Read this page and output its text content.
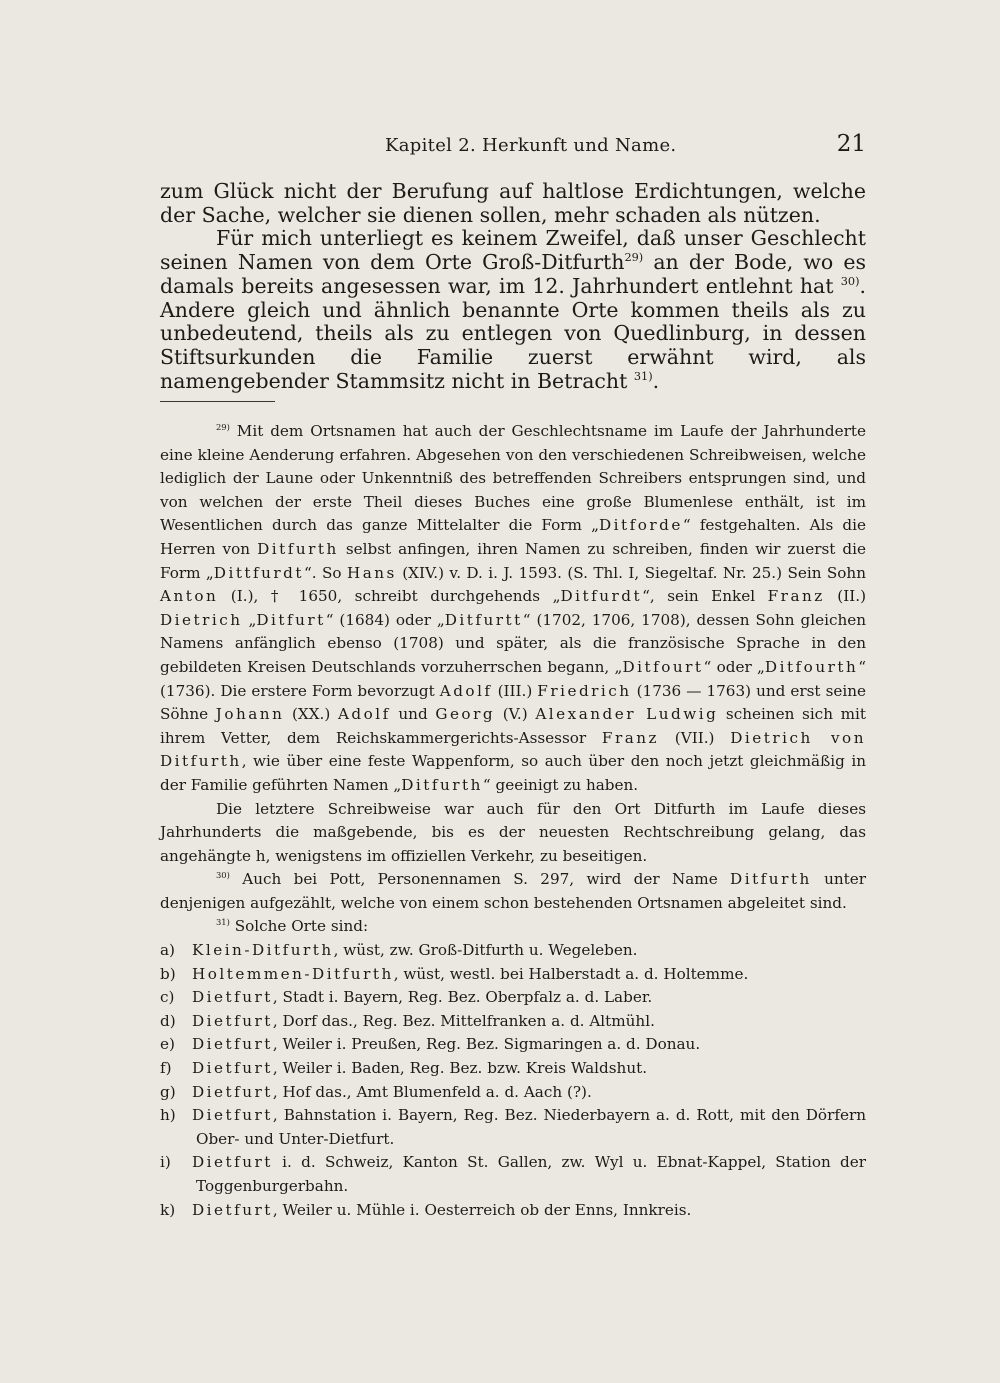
Kapitel 2. Herkunft und Name.	21

zum Glück nicht der Berufung auf haltlose Erdichtungen, welche der Sache, welcher sie dienen sollen, mehr schaden als nützen.

Für mich unterliegt es keinem Zweifel, daß unser Geschlecht seinen Namen von dem Orte Groß-Ditfurth$^{29)}$ an der Bode, wo es damals bereits angesessen war, im 12. Jahrhundert entlehnt hat $^{30)}$. Andere gleich und ähnlich benannte Orte kommen theils als zu unbedeutend, theils als zu entlegen von Quedlinburg, in dessen Stiftsurkunden die Familie zuerst erwähnt wird, als namengebender Stammsitz nicht in Betracht $^{31)}$.

$^{29)}$ Mit dem Ortsnamen hat auch der Geschlechtsname im Laufe der Jahrhunderte eine kleine Aenderung erfahren. Abgesehen von den verschiedenen Schreibweisen, welche lediglich der Laune oder Unkenntniß des betreffenden Schreibers entsprungen sind, und von welchen der erste Theil dieses Buches eine große Blumenlese enthält, ist im Wesentlichen durch das ganze Mittelalter die Form „Ditforde“ festgehalten. Als die Herren von Ditfurth selbst anfingen, ihren Namen zu schreiben, finden wir zuerst die Form „Dittfurdt“. So Hans (XIV.) v. D. i. J. 1593. (S. Thl. I, Siegeltaf. Nr. 25.) Sein Sohn Anton (I.), † 1650, schreibt durchgehends „Ditfurdt“, sein Enkel Franz (II.) Dietrich „Ditfurt“ (1684) oder „Ditfurtt“ (1702, 1706, 1708), dessen Sohn gleichen Namens anfänglich ebenso (1708) und später, als die französische Sprache in den gebildeten Kreisen Deutschlands vorzuherrschen begann, „Ditfourt“ oder „Ditfourth“ (1736). Die erstere Form bevorzugt Adolf (III.) Friedrich (1736 — 1763) und erst seine Söhne Johann (XX.) Adolf und Georg (V.) Alexander Ludwig scheinen sich mit ihrem Vetter, dem Reichskammergerichts-Assessor Franz (VII.) Dietrich von Ditfurth, wie über eine feste Wappenform, so auch über den noch jetzt gleichmäßig in der Familie geführten Namen „Ditfurth“ geeinigt zu haben.

Die letztere Schreibweise war auch für den Ort Ditfurth im Laufe dieses Jahrhunderts die maßgebende, bis es der neuesten Rechtschreibung gelang, das angehängte h, wenigstens im offiziellen Verkehr, zu beseitigen.

$^{30)}$ Auch bei Pott, Personennamen S. 297, wird der Name Ditfurth unter denjenigen aufgezählt, welche von einem schon bestehenden Ortsnamen abgeleitet sind.

$^{31)}$ Solche Orte sind:

a) Klein-Ditfurth, wüst, zw. Groß-Ditfurth u. Wegeleben.
b) Holtemmen-Ditfurth, wüst, westl. bei Halberstadt a. d. Holtemme.
c) Dietfurt, Stadt i. Bayern, Reg. Bez. Oberpfalz a. d. Laber.
d) Dietfurt, Dorf das., Reg. Bez. Mittelfranken a. d. Altmühl.
e) Dietfurt, Weiler i. Preußen, Reg. Bez. Sigmaringen a. d. Donau.
f) Dietfurt, Weiler i. Baden, Reg. Bez. bzw. Kreis Waldshut.
g) Dietfurt, Hof das., Amt Blumenfeld a. d. Aach (?).
h) Dietfurt, Bahnstation i. Bayern, Reg. Bez. Niederbayern a. d. Rott, mit den Dörfern Ober- und Unter-Dietfurt.
i) Dietfurt i. d. Schweiz, Kanton St. Gallen, zw. Wyl u. Ebnat-Kappel, Station der Toggenburgerbahn.
k) Dietfurt, Weiler u. Mühle i. Oesterreich ob der Enns, Innkreis.
